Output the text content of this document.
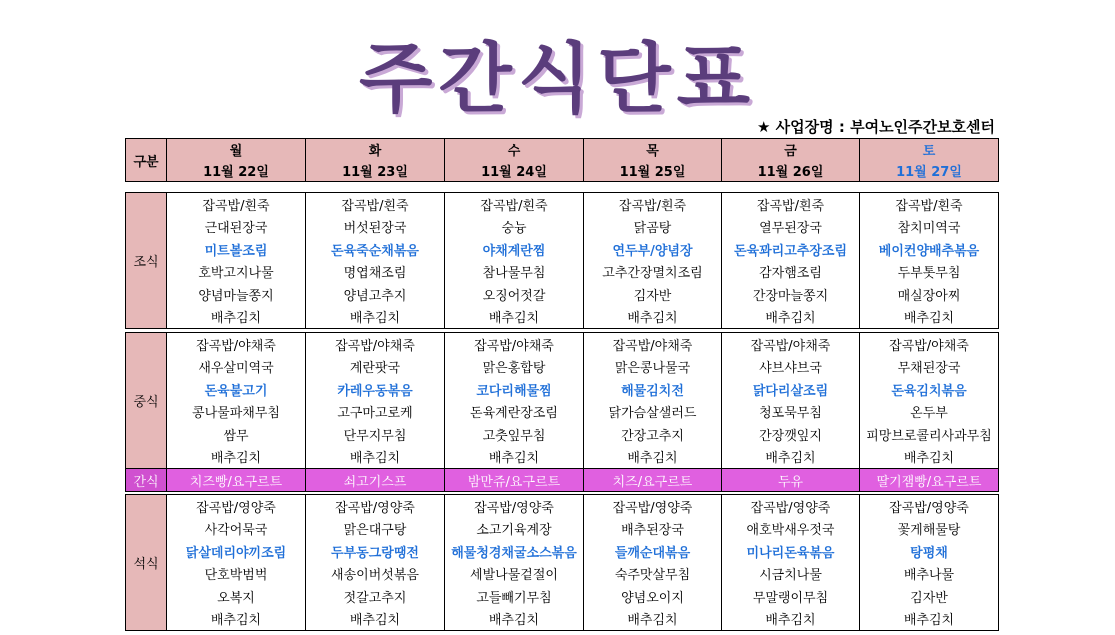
주간식단표
★ 사업장명 : 부여노인주간보호센터
구분	월	화	수	목	금	토
	11월 22일	11월 23일	11월 24일	11월 25일	11월 26일	11월 27일
조식	잡곡밥/흰죽	잡곡밥/흰죽	잡곡밥/흰죽	잡곡밥/흰죽	잡곡밥/흰죽	잡곡밥/흰죽
	근대된장국	버섯된장국	숭늉	닭곰탕	열무된장국	참치미역국
	미트볼조림	돈육죽순채볶음	야채계란찜	연두부/양념장	돈육꽈리고추장조림	베이컨양배추볶음
	호박고지나물	명엽채조림	참나물무침	고추간장멸치조림	감자햄조림	두부톳무침
	양념마늘쫑지	양념고추지	오징어젓갈	김자반	간장마늘쫑지	매실장아찌
	배추김치	배추김치	배추김치	배추김치	배추김치	배추김치
중식	잡곡밥/야채죽	잡곡밥/야채죽	잡곡밥/야채죽	잡곡밥/야채죽	잡곡밥/야채죽	잡곡밥/야채죽
	새우살미역국	계란팟국	맑은홍합탕	맑은콩나물국	샤브샤브국	무채된장국
	돈육불고기	카레우동볶음	코다리해물찜	해물김치전	닭다리살조림	돈육김치볶음
	콩나물파채무침	고구마고로케	돈육계란장조림	닭가슴살샐러드	청포묵무침	온두부
	쌈무	단무지무침	고춧잎무침	간장고추지	간장깻잎지	피망브로콜리사과무침
	배추김치	배추김치	배추김치	배추김치	배추김치	배추김치
간식	치즈빵/요구르트	쇠고기스프	밤만쥬/요구르트	치즈/요구르트	두유	딸기잼빵/요구르트
석식	잡곡밥/영양죽	잡곡밥/영양죽	잡곡밥/영양죽	잡곡밥/영양죽	잡곡밥/영양죽	잡곡밥/영양죽
	사각어묵국	맑은대구탕	소고기육계장	배추된장국	애호박새우젓국	꽃게해물탕
	닭살데리야끼조림	두부동그랑땡전	해물청경채굴소스볶음	들깨순대볶음	미나리돈육볶음	탕평채
	단호박범벅	새송이버섯볶음	세발나물겉절이	숙주맛살무침	시금치나물	배추나물
	오복지	젓갈고추지	고들빼기무침	양념오이지	무말랭이무침	김자반
	배추김치	배추김치	배추김치	배추김치	배추김치	배추김치
